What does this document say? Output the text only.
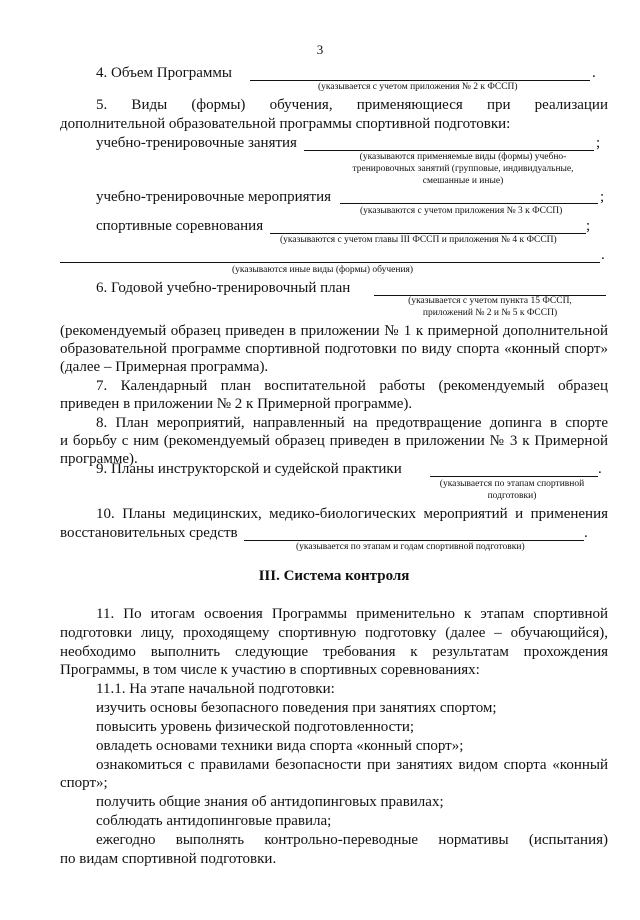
3
4. Объем Программы	.
(указывается с учетом приложения № 2 к ФССП)
5. Виды (формы) обучения, применяющиеся при реализации
дополнительной образовательной программы спортивной подготовки:
учебно-тренировочные занятия	;
(указываются применяемые виды (формы) учебно-
тренировочных занятий (групповые, индивидуальные,
смешанные и иные)
учебно-тренировочные мероприятия	;
(указываются с учетом приложения № 3 к ФССП)
спортивные соревнования	;
(указываются с учетом главы III ФССП и приложения № 4 к ФССП)
.
(указываются иные виды (формы) обучения)
6. Годовой учебно-тренировочный план
(указывается с учетом пункта 15 ФССП,
приложений № 2 и № 5 к ФССП)
(рекомендуемый образец приведен в приложении № 1 к примерной дополнительной
образовательной программе спортивной подготовки по виду спорта «конный спорт»
(далее – Примерная программа).
7. Календарный план воспитательной работы (рекомендуемый образец
приведен в приложении № 2 к Примерной программе).
8. План мероприятий, направленный на предотвращение допинга в спорте
и борьбу с ним (рекомендуемый образец приведен в приложении № 3 к Примерной
программе).
9. Планы инструкторской и судейской практики	.
(указывается по этапам спортивной
подготовки)
10. Планы медицинских, медико-биологических мероприятий и применения
восстановительных средств	.
(указывается по этапам и годам спортивной подготовки)
III. Система контроля
11. По итогам освоения Программы применительно к этапам спортивной
подготовки лицу, проходящему спортивную подготовку (далее – обучающийся),
необходимо выполнить следующие требования к результатам прохождения
Программы, в том числе к участию в спортивных соревнованиях:
11.1. На этапе начальной подготовки:
изучить основы безопасного поведения при занятиях спортом;
повысить уровень физической подготовленности;
овладеть основами техники вида спорта «конный спорт»;
ознакомиться с правилами безопасности при занятиях видом спорта «конный
спорт»;
получить общие знания об антидопинговых правилах;
соблюдать антидопинговые правила;
ежегодно выполнять контрольно-переводные нормативы (испытания)
по видам спортивной подготовки.
